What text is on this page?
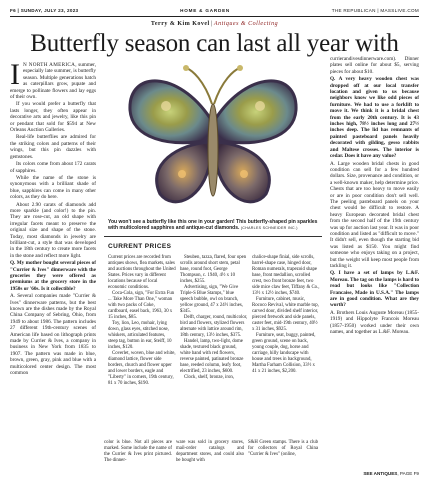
F6 | SUNDAY, JULY 23, 2023	HOME & GARDEN	THE REPUBLICAN | MASSLIVE.COM
Terry & Kim Kovel | Antiques & Collecting
Butterfly season can last all year with

I N NORTH AMERICA, summer, especially late summer, is butterfly season. Multiple generations hatch as caterpillars grow, pupate and emerge to pollinate flowers and lay eggs of their own.

If you would prefer a butterfly that lasts longer, they often appear in decorative arts and jewelry, like this pin or pendant that sold for $594 at New Orleans Auction Galleries.

Real-life butterflies are admired for the striking colors and patterns of their wings, but this pin dazzles with gemstones.

Its colors come from about 172 carats of sapphires.

While the name of the stone is synonymous with a brilliant shade of blue, sapphires can come in many other colors, as they do here.

About 2.90 carats of diamonds add more sparkle (and color!) to the pin. They are rose-cut, an old shape with irregular facets meant to preserve the original size and shape of the stone. Today, most diamonds in jewelry are brilliant-cut, a style that was developed in the 18th century to create more facets in the stone and reflect more light.

Q. My mother bought several pieces of "Currier & Ives" dinnerware with the groceries they were offered as premiums at the grocery store in the 1950s or '60s. Is it collectible?

A. Several companies made "Currier & Ives" dinnerware patterns, but the best known are the dishes made by the Royal China Company of Sebring, Ohio, from 1949 to about 1986. The pattern includes 27 different 19th-century scenes of American life based on lithograph prints made by Currier & Ives, a company in business in New York from 1835 to 1907. The pattern was made in blue, brown, green, gray, pink and blue with a multicolored center design. The most common

You won't see a butterfly like this one in your garden! This butterfly-shaped pin sparkles with multicolored sapphires and antique-cut diamonds. (CHARLES SCHNEIDER INC.)
CURRENT PRICES

Current prices are recorded from antiques shows, flea markets, sales and auctions throughout the United States. Prices vary in different locations because of local economic conditions.

Coca-Cola, sign, "For Extra Fun ... Take More Than One," woman with two packs of Coke, cardboard, easel back, 1963, 30 x 15 inches, $85.

Toy, lion, Leo, mohair, lying down, glass eyes, stitched nose, whiskers, articulated features, steep tag, button in ear, Steiff, 10 inches, $120.

Coverlet, woven, blue and white, diamond lattice, flower side borders, church and flower upper and lower borders, eagle and "Liberty" in corners, 19th century, 81 x 70 inches, $190.

Steuben, tazza, flared, four open scrolls around short stem, petal base, round foot, George Thompson, c. 1940, 4½ x 10 inches, $255.

Advertising, sign, "We Give Triple-S Blue Stamps," blue speech bubble, owl on branch, yellow ground, 47 x 24½ inches, $345.

Delft, charger, round, multicolor, bird and flowers, stylized flowers alternate with lattice around rim, 18th century, 13½ inches, $375.

Handel, lamp, two-light, dome shade, textured black ground, white band with red flowers, reverse painted, patinated bronze base, reeded column, leafy foot, electrified, 23 inches, $600.

Clock, shelf, bronze, iron,

chalice-shape finial, side scrolls, barrel-shape case, hinged door, Roman numerals, trapezoid shape base, front medallion, scrolled crest, two front bronze feet, two side mice claw feet, Tiffany & Co., 13½ x 12½ inches, $740.

Furniture, cabinet, music, Rococo Revival, white marble top, carved door, divided shelf interior, pierced fretwork and side panels, caster feet, mid-19th century, 40½ x 31 inches, $925.

Furniture, seat, buggy, painted, green ground, scene on back, young couple, dog, horse and carriage, hilly landscape with house and trees in background, Martha Farham Collision, 33½ x 41 x 21 inches, $2,200.

color is blue. Not all pieces are marked. Some include the name of the Currier & Ives print pictured. The dinner-

ware was sold in grocery stores, mail-order catalogs and department stores, and could also be bought with

S&H Green stamps. There is a club for collectors of Royal China "Currier & Ives" (online,

currierandivesdinnerware.com). Dinner plates sell online for about $5, serving pieces for about $10.

Q. A very heavy wooden chest was dropped off at our local transfer location and given to us because neighbors know we like odd pieces of furniture. We had to use a forklift to move it. We think it is a bridal chest from the early 20th century. It is 43 inches high, 78½ inches long and 27½ inches deep. The lid has remnants of painted pasteboard panels heavily decorated with gilding, gesso rabbits and Maltese crosses. The interior is cedar. Does it have any value?

A. Large wooden bridal chests in good condition can sell for a few hundred dollars. Size, provenance and condition, or a well-known maker, help determine price. Chests that are too heavy to move easily or are in poor condition don't sell well. The peeling pasteboard panels on your chest would be difficult to restore. A heavy European decorated bridal chest from the second half of the 19th century was up for auction last year. It was in poor condition and listed as "difficult to move." It didn't sell, even though the starting bid was listed as $150. You might find someone who enjoys taking on a project, but the weight will keep most people from tackling it.

Q. I have a set of lamps by L.&F. Moreau. The tag on the lamps is hard to read but looks like "Collection Francaise, Made in U.S.A." The lamps are in good condition. What are they worth?

A. Brothers Louis Auguste Moreau (1855-1919) and Hippolyte Francois Moreau (1857-1950) worked under their own names, and together as L.&F. Moreau.

SEE ANTIQUES, PAGE F9
